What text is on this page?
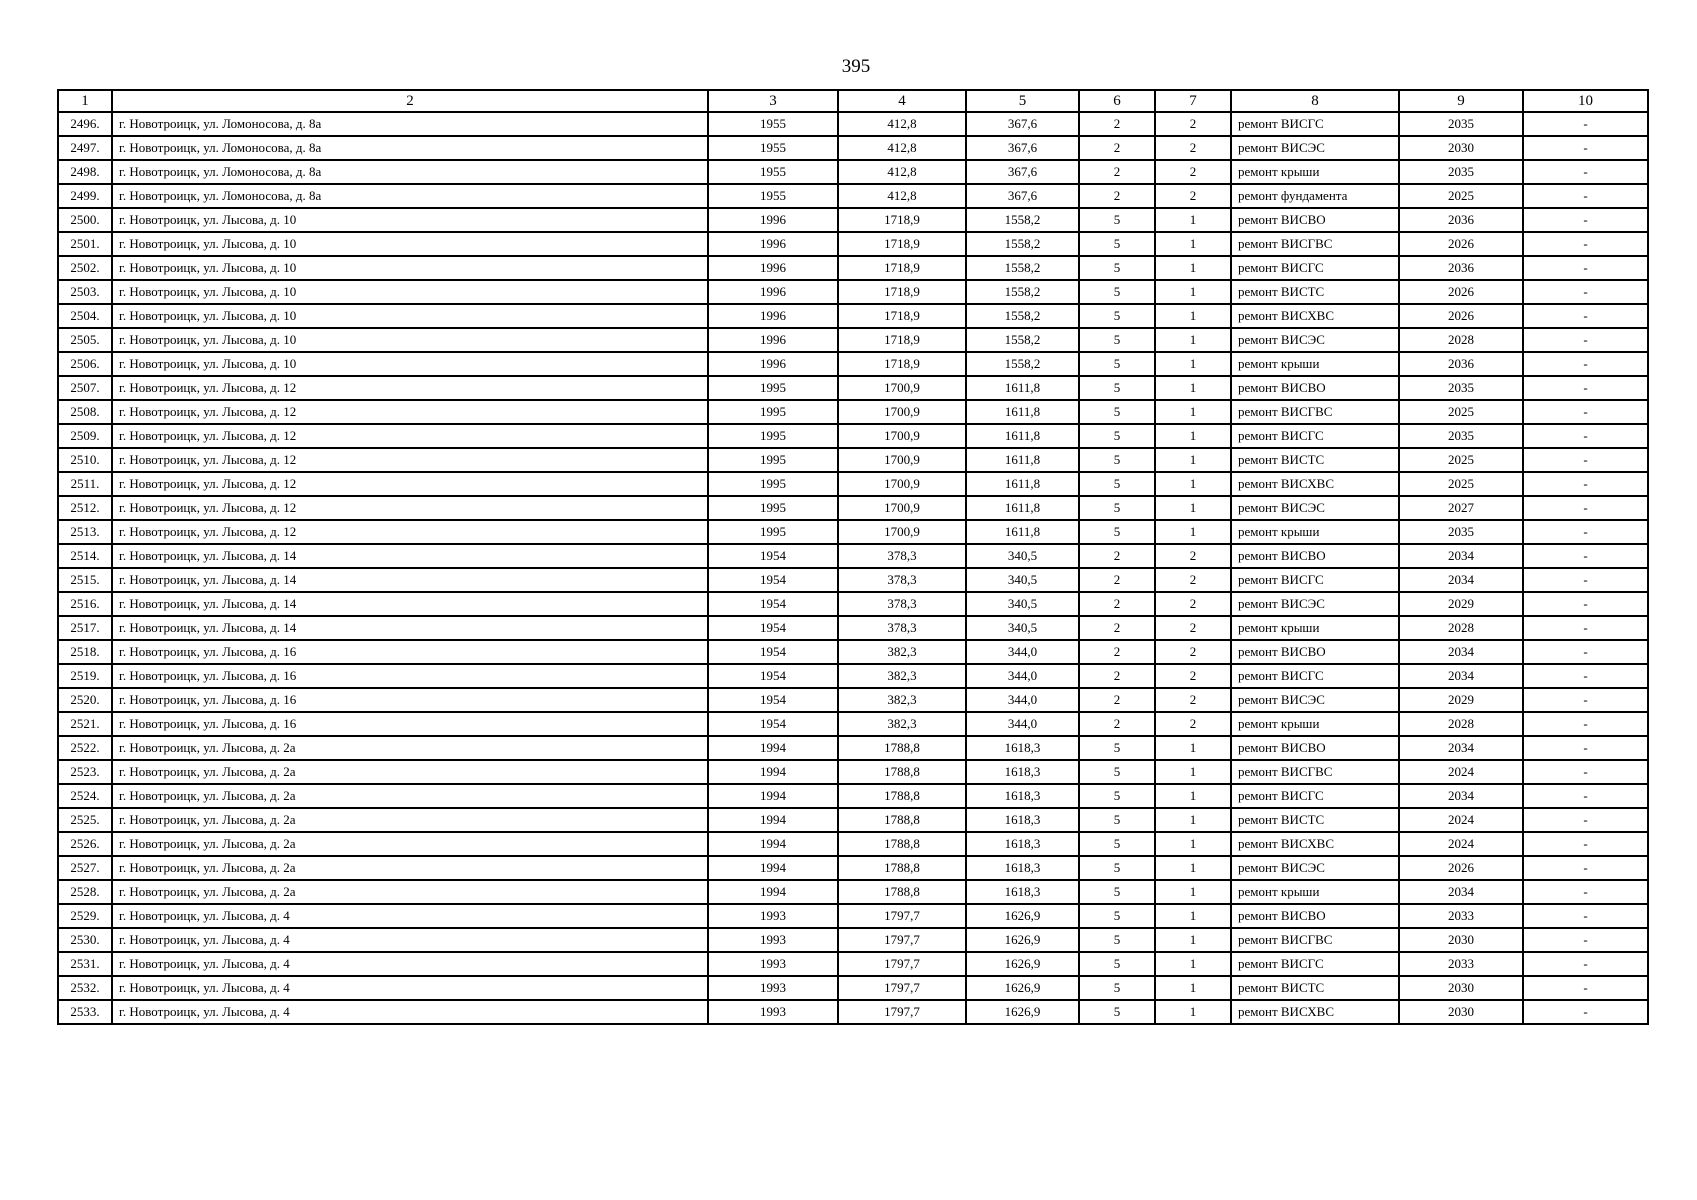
395
1	2	3	4	5	6	7	8	9	10
2496.	г. Новотроицк, ул. Ломоносова, д. 8а	1955	412,8	367,6	2	2	ремонт ВИСГС	2035	-
2497.	г. Новотроицк, ул. Ломоносова, д. 8а	1955	412,8	367,6	2	2	ремонт ВИСЭС	2030	-
2498.	г. Новотроицк, ул. Ломоносова, д. 8а	1955	412,8	367,6	2	2	ремонт крыши	2035	-
2499.	г. Новотроицк, ул. Ломоносова, д. 8а	1955	412,8	367,6	2	2	ремонт фундамента	2025	-
2500.	г. Новотроицк, ул. Лысова, д. 10	1996	1718,9	1558,2	5	1	ремонт ВИСВО	2036	-
2501.	г. Новотроицк, ул. Лысова, д. 10	1996	1718,9	1558,2	5	1	ремонт ВИСГВС	2026	-
2502.	г. Новотроицк, ул. Лысова, д. 10	1996	1718,9	1558,2	5	1	ремонт ВИСГС	2036	-
2503.	г. Новотроицк, ул. Лысова, д. 10	1996	1718,9	1558,2	5	1	ремонт ВИСТС	2026	-
2504.	г. Новотроицк, ул. Лысова, д. 10	1996	1718,9	1558,2	5	1	ремонт ВИСХВС	2026	-
2505.	г. Новотроицк, ул. Лысова, д. 10	1996	1718,9	1558,2	5	1	ремонт ВИСЭС	2028	-
2506.	г. Новотроицк, ул. Лысова, д. 10	1996	1718,9	1558,2	5	1	ремонт крыши	2036	-
2507.	г. Новотроицк, ул. Лысова, д. 12	1995	1700,9	1611,8	5	1	ремонт ВИСВО	2035	-
2508.	г. Новотроицк, ул. Лысова, д. 12	1995	1700,9	1611,8	5	1	ремонт ВИСГВС	2025	-
2509.	г. Новотроицк, ул. Лысова, д. 12	1995	1700,9	1611,8	5	1	ремонт ВИСГС	2035	-
2510.	г. Новотроицк, ул. Лысова, д. 12	1995	1700,9	1611,8	5	1	ремонт ВИСТС	2025	-
2511.	г. Новотроицк, ул. Лысова, д. 12	1995	1700,9	1611,8	5	1	ремонт ВИСХВС	2025	-
2512.	г. Новотроицк, ул. Лысова, д. 12	1995	1700,9	1611,8	5	1	ремонт ВИСЭС	2027	-
2513.	г. Новотроицк, ул. Лысова, д. 12	1995	1700,9	1611,8	5	1	ремонт крыши	2035	-
2514.	г. Новотроицк, ул. Лысова, д. 14	1954	378,3	340,5	2	2	ремонт ВИСВО	2034	-
2515.	г. Новотроицк, ул. Лысова, д. 14	1954	378,3	340,5	2	2	ремонт ВИСГС	2034	-
2516.	г. Новотроицк, ул. Лысова, д. 14	1954	378,3	340,5	2	2	ремонт ВИСЭС	2029	-
2517.	г. Новотроицк, ул. Лысова, д. 14	1954	378,3	340,5	2	2	ремонт крыши	2028	-
2518.	г. Новотроицк, ул. Лысова, д. 16	1954	382,3	344,0	2	2	ремонт ВИСВО	2034	-
2519.	г. Новотроицк, ул. Лысова, д. 16	1954	382,3	344,0	2	2	ремонт ВИСГС	2034	-
2520.	г. Новотроицк, ул. Лысова, д. 16	1954	382,3	344,0	2	2	ремонт ВИСЭС	2029	-
2521.	г. Новотроицк, ул. Лысова, д. 16	1954	382,3	344,0	2	2	ремонт крыши	2028	-
2522.	г. Новотроицк, ул. Лысова, д. 2а	1994	1788,8	1618,3	5	1	ремонт ВИСВО	2034	-
2523.	г. Новотроицк, ул. Лысова, д. 2а	1994	1788,8	1618,3	5	1	ремонт ВИСГВС	2024	-
2524.	г. Новотроицк, ул. Лысова, д. 2а	1994	1788,8	1618,3	5	1	ремонт ВИСГС	2034	-
2525.	г. Новотроицк, ул. Лысова, д. 2а	1994	1788,8	1618,3	5	1	ремонт ВИСТС	2024	-
2526.	г. Новотроицк, ул. Лысова, д. 2а	1994	1788,8	1618,3	5	1	ремонт ВИСХВС	2024	-
2527.	г. Новотроицк, ул. Лысова, д. 2а	1994	1788,8	1618,3	5	1	ремонт ВИСЭС	2026	-
2528.	г. Новотроицк, ул. Лысова, д. 2а	1994	1788,8	1618,3	5	1	ремонт крыши	2034	-
2529.	г. Новотроицк, ул. Лысова, д. 4	1993	1797,7	1626,9	5	1	ремонт ВИСВО	2033	-
2530.	г. Новотроицк, ул. Лысова, д. 4	1993	1797,7	1626,9	5	1	ремонт ВИСГВС	2030	-
2531.	г. Новотроицк, ул. Лысова, д. 4	1993	1797,7	1626,9	5	1	ремонт ВИСГС	2033	-
2532.	г. Новотроицк, ул. Лысова, д. 4	1993	1797,7	1626,9	5	1	ремонт ВИСТС	2030	-
2533.	г. Новотроицк, ул. Лысова, д. 4	1993	1797,7	1626,9	5	1	ремонт ВИСХВС	2030	-
